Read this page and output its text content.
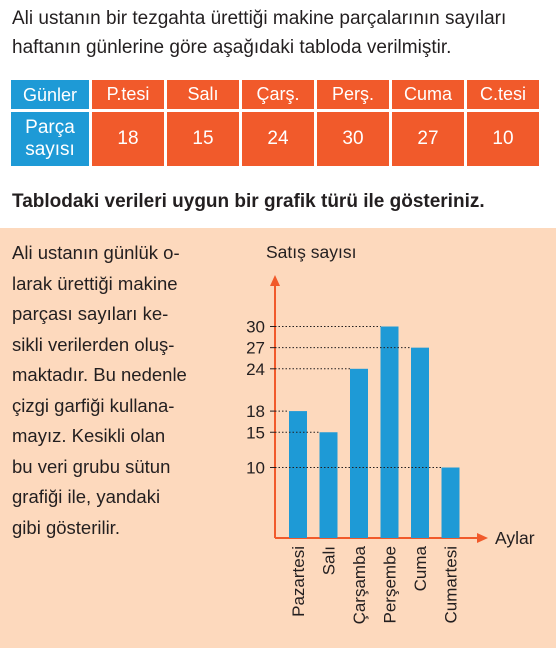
Ali ustanın bir tezgahta ürettiği makine parçalarının sayıları haftanın günlerine göre aşağıdaki tabloda verilmiştir.
Günler	P.tesi	Salı	Çarş.	Perş.	Cuma	C.tesi
Parça
sayısı	18	15	24	30	27	10
Tablodaki verileri uygun bir grafik türü ile gösteriniz.

Ali ustanın günlük o-

larak ürettiği makine

parçası sayıları ke-

sikli verilerden oluş-

maktadır. Bu nedenle

çizgi garfiği kullana-

mayız. Kesikli olan

bu veri grubu sütun

grafiği ile, yandaki

gibi gösterilir.

Satış sayısı
Aylar
Pazartesi Salı Çarşamba Perşembe Cuma Cumartesi
10
15
18
24
27
30
